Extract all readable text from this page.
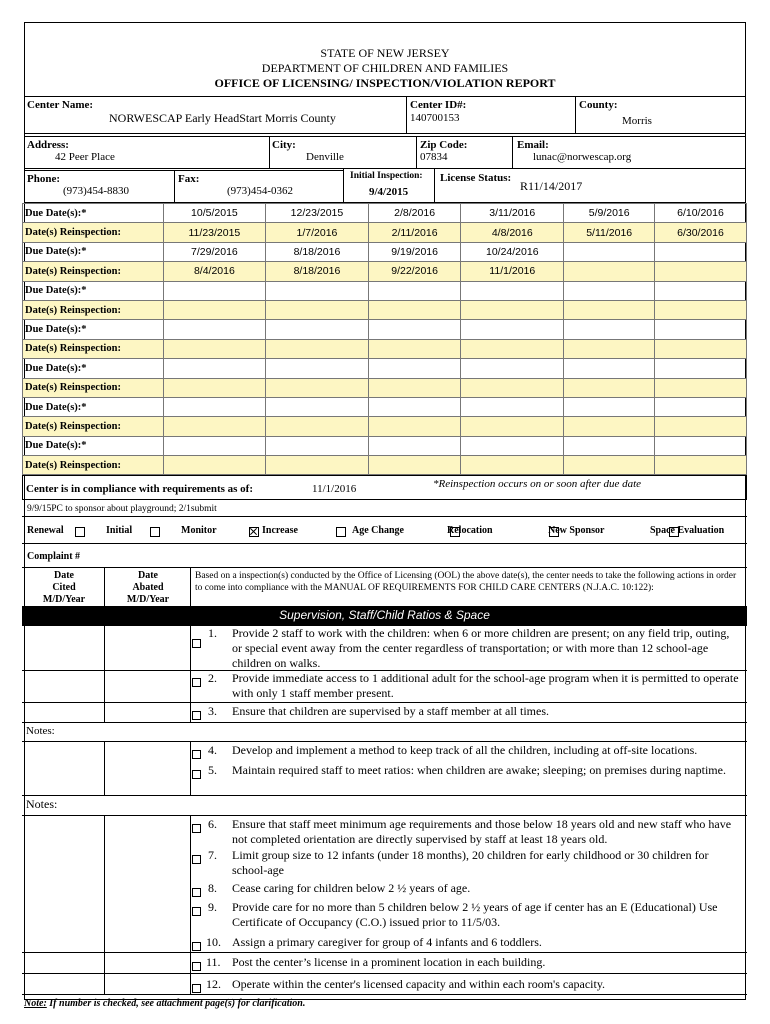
STATE OF NEW JERSEY
DEPARTMENT OF CHILDREN AND FAMILIES
OFFICE OF LICENSING/ INSPECTION/VIOLATION REPORT
Center Name:
NORWESCAP Early HeadStart Morris County
Center ID#:
140700153
County:
Morris
Address:
42 Peer Place
City:
Denville
Zip Code:
07834
Email:
lunac@norwescap.org
Phone:
(973)454-8830
Fax:
(973)454-0362
Initial Inspection:
9/4/2015
License Status:
R11/14/2017
Due Date(s):*	10/5/2015	12/23/2015	2/8/2016	3/11/2016	5/9/2016	6/10/2016
Date(s) Reinspection:	11/23/2015	1/7/2016	2/11/2016	4/8/2016	5/11/2016	6/30/2016
Due Date(s):*	7/29/2016	8/18/2016	9/19/2016	10/24/2016		
Date(s) Reinspection:	8/4/2016	8/18/2016	9/22/2016	11/1/2016		
Due Date(s):*						
Date(s) Reinspection:						
Due Date(s):*						
Date(s) Reinspection:						
Due Date(s):*						
Date(s) Reinspection:						
Due Date(s):*						
Date(s) Reinspection:						
Due Date(s):*						
Date(s) Reinspection:						
Center is in compliance with requirements as of:	11/1/2016	*Reinspection occurs on or soon after due date
9/9/15PC to sponsor about playground; 2/1submit
Renewal	Initial	Monitor	Increase	Age Change	Relocation	New Sponsor	Space Evaluation
Complaint #
Date
Cited
M/D/Year
Date
Abated
M/D/Year
Based on a inspection(s) conducted by the Office of Licensing (OOL) the above date(s), the center needs to take the following actions in order to come into compliance with the MANUAL OF REQUIREMENTS FOR CHILD CARE CENTERS (N.J.A.C. 10:122):
Supervision, Staff/Child Ratios & Space
Notes:
Notes:
1. Provide 2 staff to work with the children: when 6 or more children are present; on any field trip, outing, or special event away from the center regardless of transportation; or with more than 12 school-age children on walks.
2. Provide immediate access to 1 additional adult for the school-age program when it is permitted to operate with only 1 staff member present.
3. Ensure that children are supervised by a staff member at all times.
4. Develop and implement a method to keep track of all the children, including at off-site locations.
5. Maintain required staff to meet ratios: when children are awake; sleeping; on premises during naptime.
6. Ensure that staff meet minimum age requirements and those below 18 years old and new staff who have not completed orientation are directly supervised by staff at least 18 years old.
7. Limit group size to 12 infants (under 18 months), 20 children for early childhood or 30 children for school-age
8. Cease caring for children below 2 ½ years of age.
9. Provide care for no more than 5 children below 2 ½ years of age if center has an E (Educational) Use Certificate of Occupancy (C.O.) issued prior to 11/5/03.
10. Assign a primary caregiver for group of 4 infants and 6 toddlers.
11. Post the center’s license in a prominent location in each building.
12. Operate within the center's licensed capacity and within each room's capacity.
Note: If number is checked, see attachment page(s) for clarification.
